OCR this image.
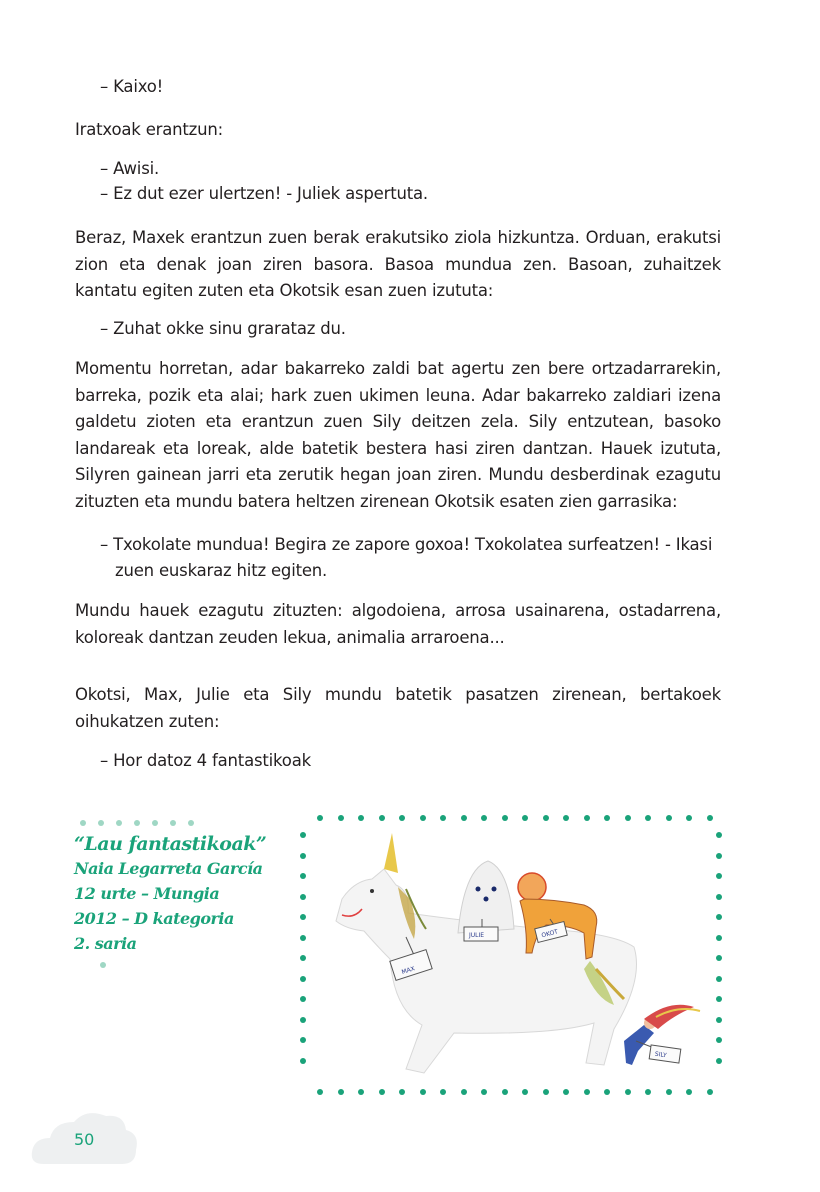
– Kaixo!

Iratxoak erantzun:

– Awisi.

– Ez dut ezer ulertzen! - Juliek aspertuta.

Beraz, Maxek erantzun zuen berak erakutsiko ziola hizkuntza. Orduan, erakutsi zion eta denak joan ziren basora. Basoa mundua zen. Basoan, zuhaitzek kantatu egiten zuten eta Okotsik esan zuen izututa:

– Zuhat okke sinu grarataz du.

Momentu horretan, adar bakarreko zaldi bat agertu zen bere ortzadarrarekin, barreka, pozik eta alai; hark zuen ukimen leuna. Adar bakarreko zaldiari izena galdetu zioten eta erantzun zuen Sily deitzen zela. Sily entzutean, basoko landareak eta loreak, alde batetik bestera hasi ziren dantzan. Hauek izututa, Silyren gainean jarri eta zerutik hegan joan ziren. Mundu desberdinak ezagutu zituzten eta mundu batera heltzen zirenean Okotsik esaten zien garrasika:

– Txokolate mundua! Begira ze zapore goxoa! Txokolatea surfeatzen! - Ikasi zuen euskaraz hitz egiten.

Mundu hauek ezagutu zituzten: algodoiena, arrosa usainarena, ostadarrena, koloreak dantzan zeuden lekua, animalia arraroena...

Okotsi, Max, Julie eta Sily mundu batetik pasatzen zirenean, bertakoek oihukatzen zuten:

– Hor datoz 4 fantastikoak

“Lau fantastikoak”
Naia Legarreta García
12 urte – Mungia
2012 – D kategoria
2. saria
MAX
JULIE	OKOT
SILY
50
